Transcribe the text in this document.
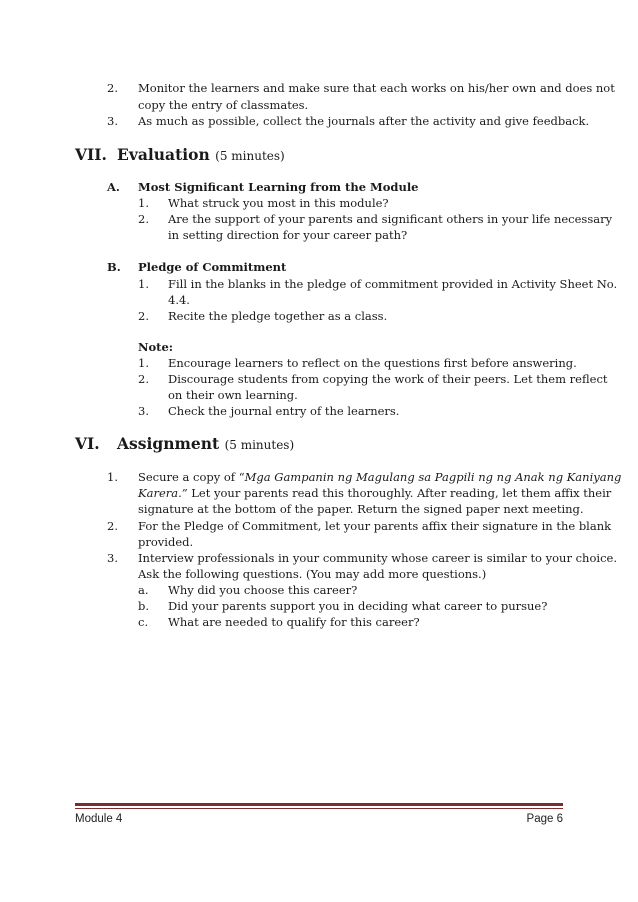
2. Monitor the learners and make sure that each works on his/her own and does not
copy the entry of classmates.
3. As much as possible, collect the journals after the activity and give feedback.
VII. Evaluation (5 minutes)
A. Most Significant Learning from the Module
1. What struck you most in this module?
2. Are the support of your parents and significant others in your life necessary
in setting direction for your career path?
B. Pledge of Commitment
1. Fill in the blanks in the pledge of commitment provided in Activity Sheet No.
4.4.
2. Recite the pledge together as a class.
Note:
1. Encourage learners to reflect on the questions first before answering.
2. Discourage students from copying the work of their peers. Let them reflect
on their own learning.
3. Check the journal entry of the learners.
VI. Assignment (5 minutes)
1. Secure a copy of “Mga Gampanin ng Magulang sa Pagpili ng ng Anak ng Kaniyang
Karera.” Let your parents read this thoroughly. After reading, let them affix their
signature at the bottom of the paper. Return the signed paper next meeting.
2. For the Pledge of Commitment, let your parents affix their signature in the blank
provided.
3. Interview professionals in your community whose career is similar to your choice.
Ask the following questions. (You may add more questions.)
a. Why did you choose this career?
b. Did your parents support you in deciding what career to pursue?
c. What are needed to qualify for this career?
Module 4	Page 6
